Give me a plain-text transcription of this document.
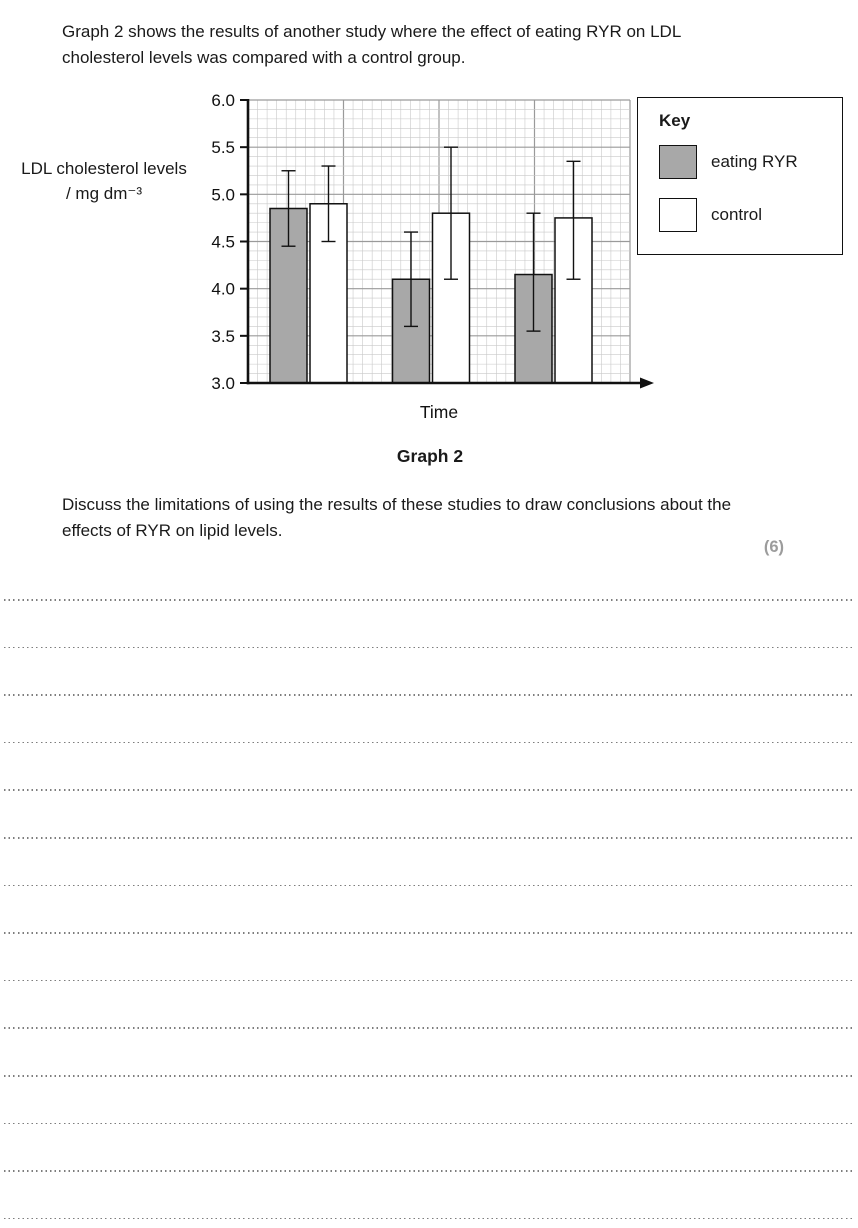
Graph 2 shows the results of another study where the effect of eating RYR on LDL cholesterol levels was compared with a control group.
LDL cholesterol levels
/ mg dm⁻³
6.0
5.5
5.0
4.5
4.0
3.5
3.0
Time
Key
eating RYR
control
Graph 2
Discuss the limitations of using the results of these studies to draw conclusions about the effects of RYR on lipid levels.
(6)
